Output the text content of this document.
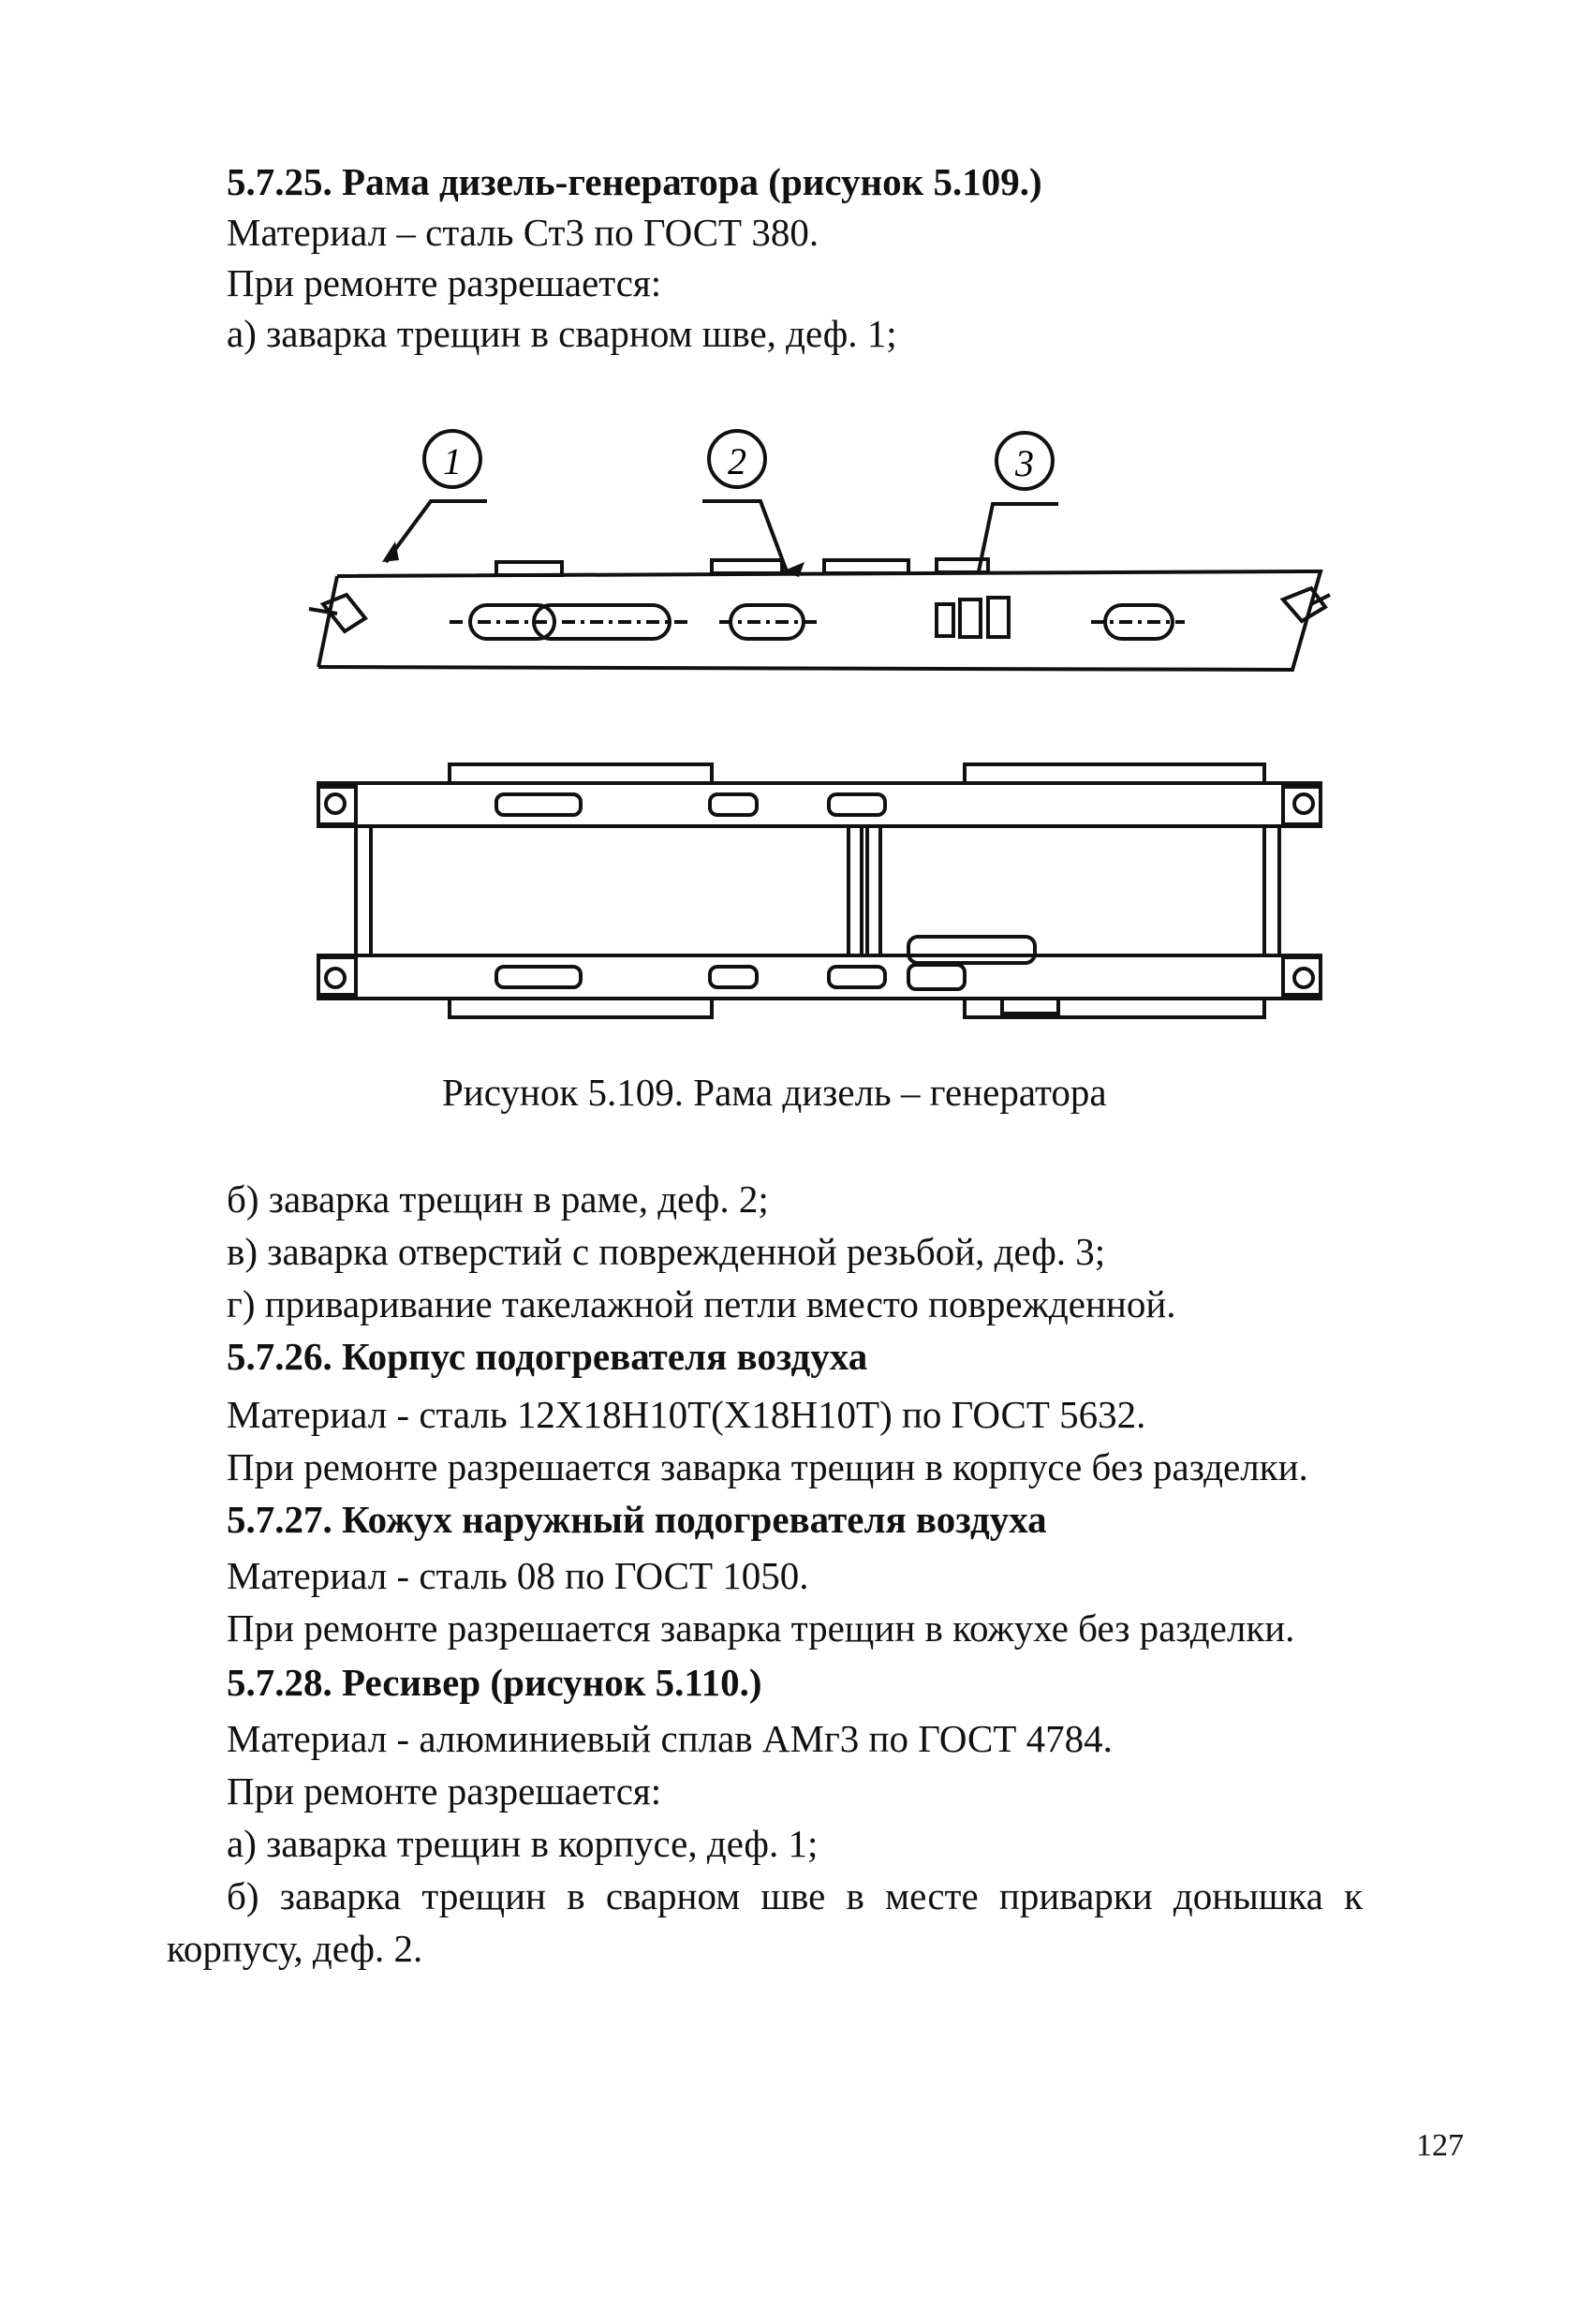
5.7.25. Рама дизель-генератора (рисунок 5.109.)
Материал – сталь Ст3 по ГОСТ 380.
При ремонте разрешается:
а) заварка трещин в сварном шве, деф. 1;
1	2	3
Рисунок 5.109. Рама дизель – генератора
б) заварка трещин в раме, деф. 2;
в) заварка отверстий с поврежденной резьбой, деф. 3;
г) приваривание такелажной петли вместо поврежденной.
5.7.26. Корпус подогревателя воздуха
Материал - сталь 12Х18Н10Т(Х18Н10Т) по ГОСТ 5632.
При ремонте разрешается заварка трещин в корпусе без разделки.
5.7.27. Кожух наружный подогревателя воздуха
Материал - сталь 08 по ГОСТ 1050.
При ремонте разрешается заварка трещин в кожухе без разделки.
5.7.28. Ресивер (рисунок 5.110.)
Материал - алюминиевый сплав АМг3 по ГОСТ 4784.
При ремонте разрешается:
а) заварка трещин в корпусе, деф. 1;
б) заварка трещин в сварном шве в месте приварки донышка к
корпусу, деф. 2.
127
